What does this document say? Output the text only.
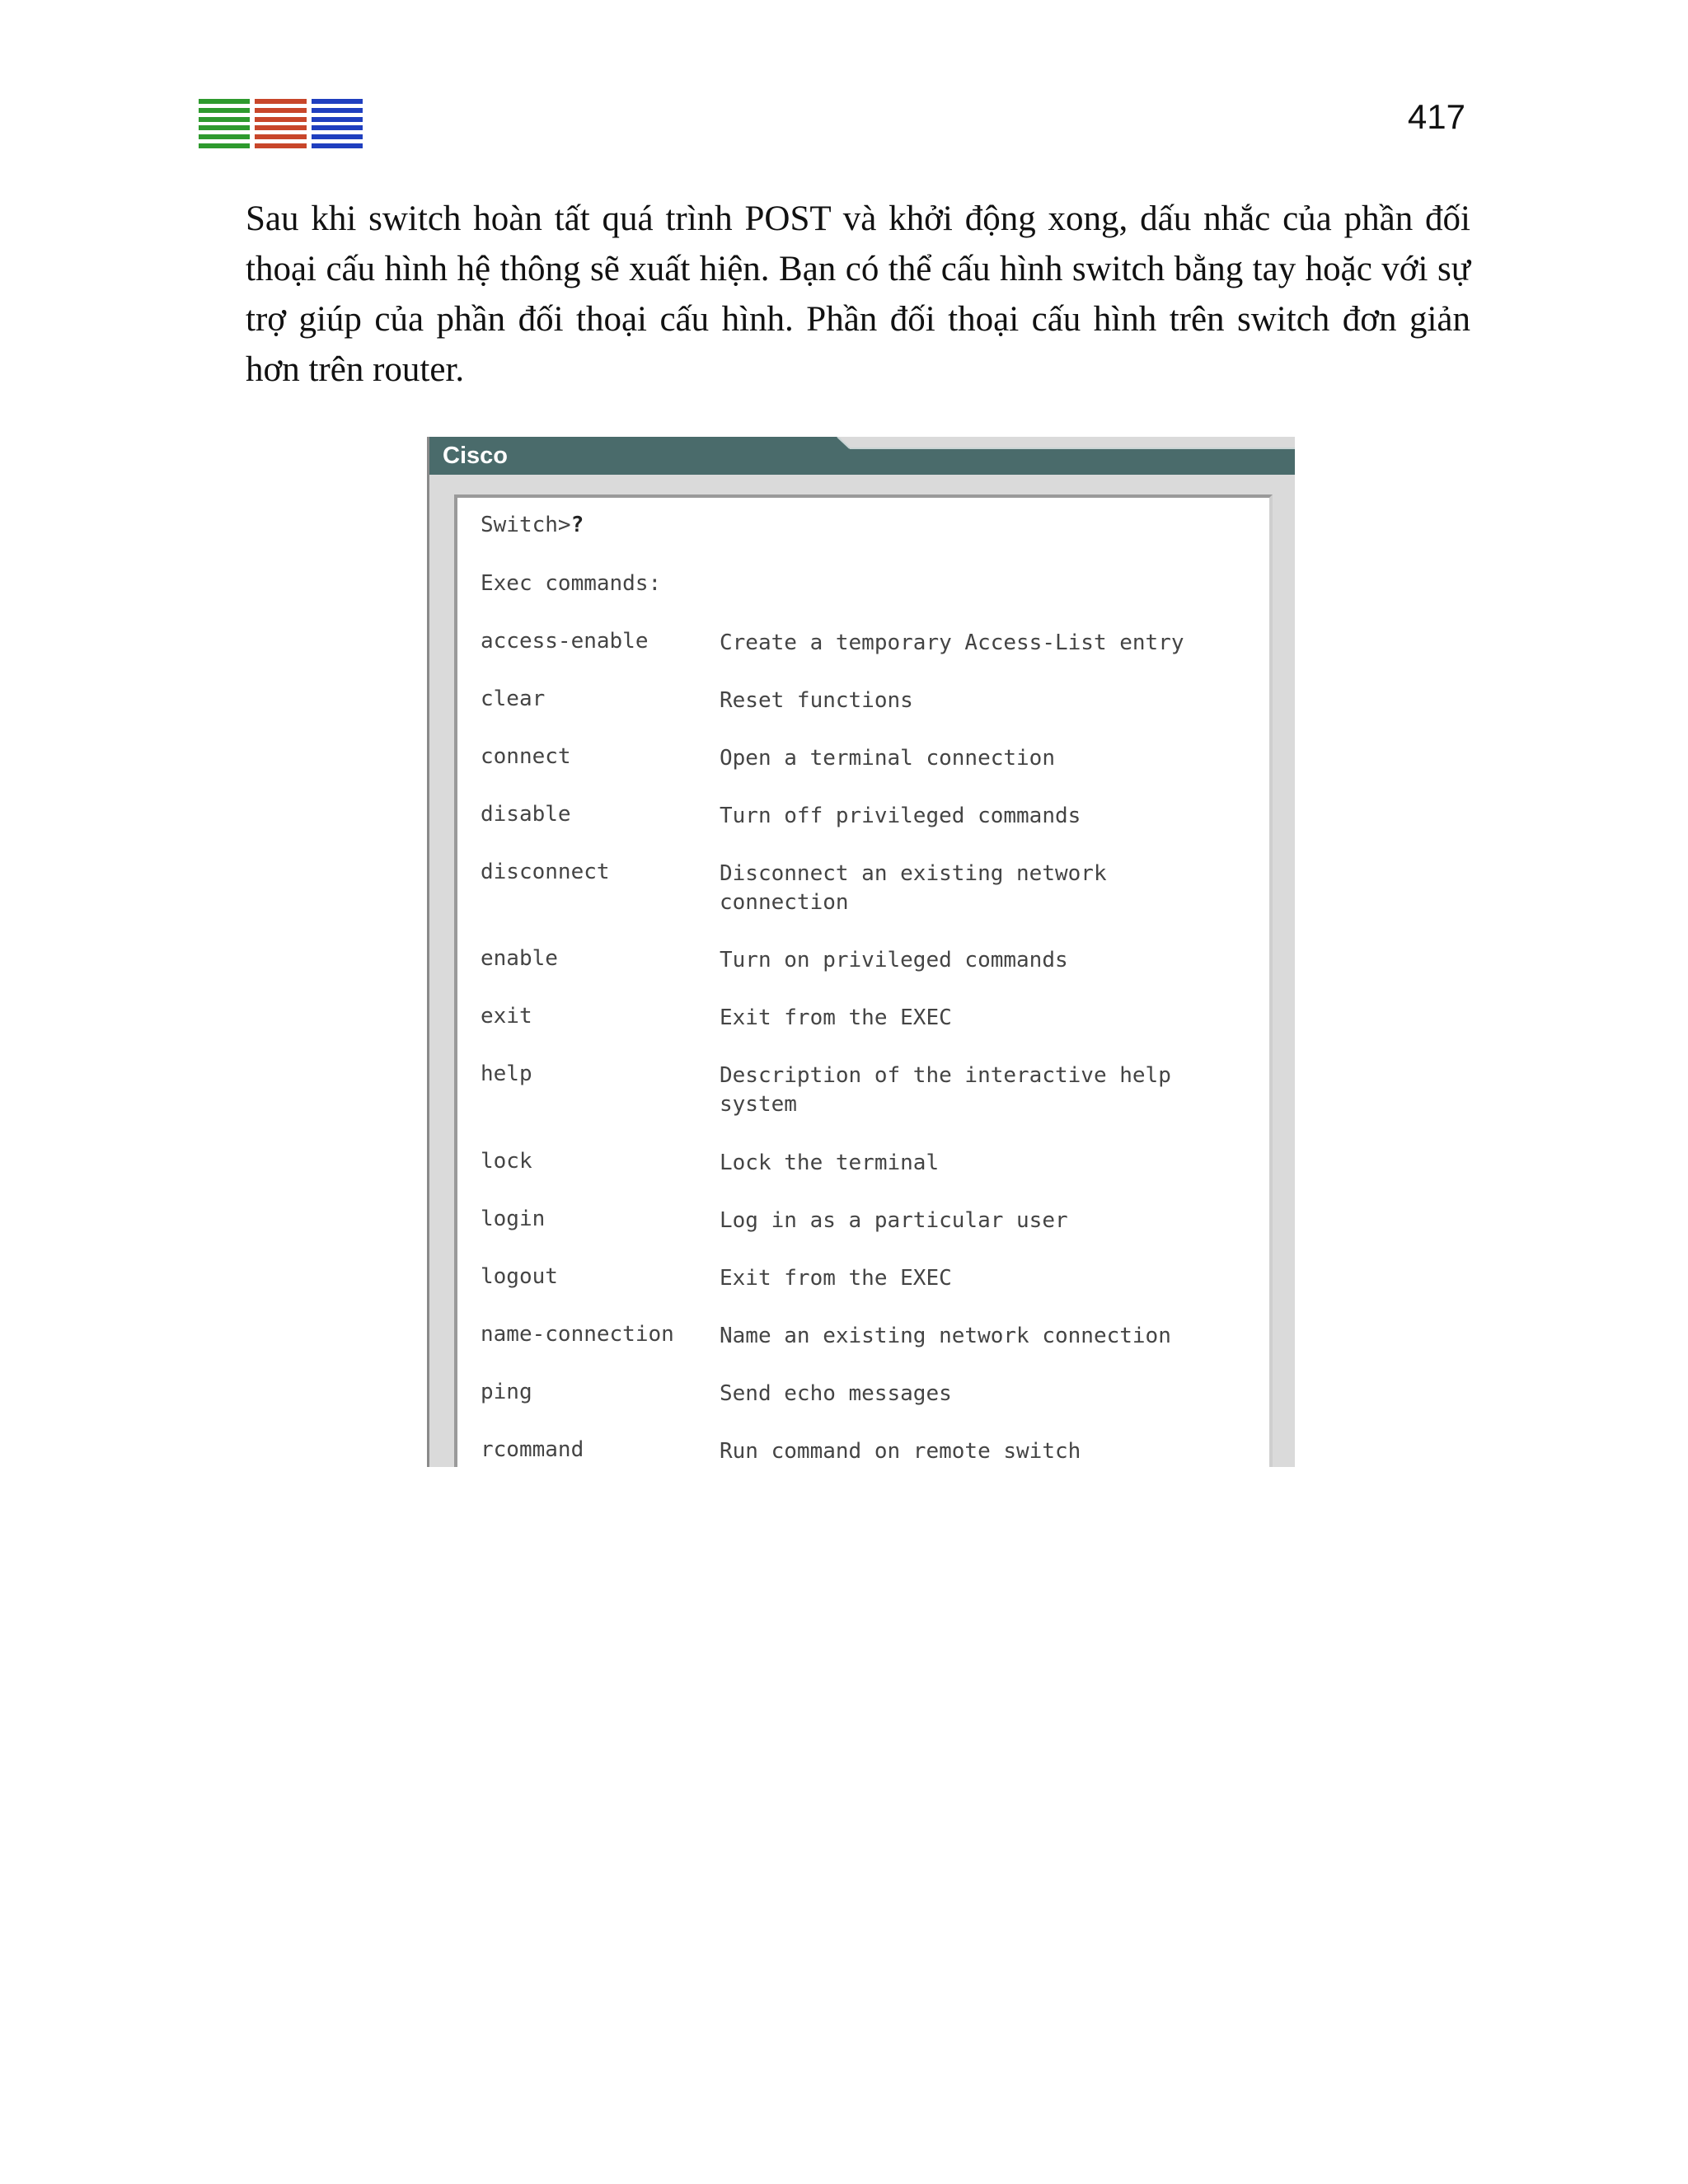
417

Sau khi switch hoàn tất quá trình POST và khởi động xong, dấu nhắc của phần đối thoại cấu hình hệ thông sẽ xuất hiện. Bạn có thể cấu hình switch bằng tay hoặc với sự trợ giúp của phần đối thoại cấu hình. Phần đối thoại cấu hình trên switch đơn giản hơn trên router.

Cisco
Switch>?
Exec commands:
access-enable	Create a temporary Access-List entry
clear	Reset functions
connect	Open a terminal connection
disable	Turn off privileged commands
disconnect	Disconnect an existing network connection
enable	Turn on privileged commands
exit	Exit from the EXEC
help	Description of the interactive help system
lock	Lock the terminal
login	Log in as a particular user
logout	Exit from the EXEC
name-connection Name an existing network connection
ping	Send echo messages
rcommand	Run command on remote switch
